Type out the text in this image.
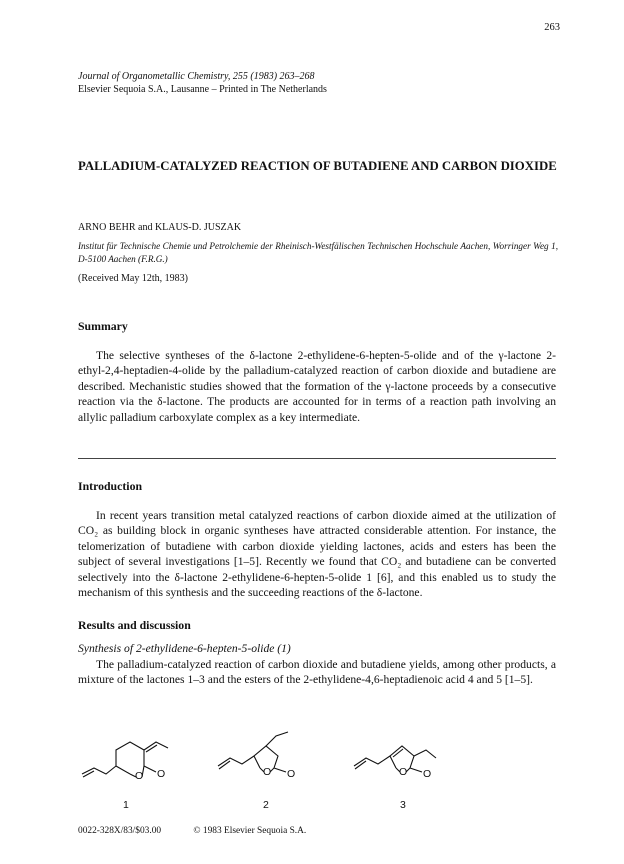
263
Journal of Organometallic Chemistry, 255 (1983) 263–268
Elsevier Sequoia S.A., Lausanne – Printed in The Netherlands
PALLADIUM-CATALYZED REACTION OF BUTADIENE AND CARBON DIOXIDE
ARNO BEHR and KLAUS-D. JUSZAK
Institut für Technische Chemie und Petrolchemie der Rheinisch-Westfälischen Technischen Hochschule Aachen, Worringer Weg 1, D-5100 Aachen (F.R.G.)
(Received May 12th, 1983)
Summary

The selective syntheses of the δ-lactone 2-ethylidene-6-hepten-5-olide and of the γ-lactone 2-ethyl-2,4-heptadien-4-olide by the palladium-catalyzed reaction of carbon dioxide and butadiene are described. Mechanistic studies showed that the formation of the γ-lactone proceeds by a consecutive reaction via the δ-lactone. The products are accounted for in terms of a reaction path involving an allylic palladium carboxylate complex as a key intermediate.

Introduction

In recent years transition metal catalyzed reactions of carbon dioxide aimed at the utilization of CO₂ as building block in organic syntheses have attracted considerable attention. For instance, the telomerization of butadiene with carbon dioxide yielding lactones, acids and esters has been the subject of several investigations [1–5]. Recently we found that CO₂ and butadiene can be converted selectively into the δ-lactone 2-ethylidene-6-hepten-5-olide 1 [6], and this enabled us to study the mechanism of this synthesis and the succeeding reactions of the δ-lactone.

Results and discussion
Synthesis of 2-ethylidene-6-hepten-5-olide (1)

The palladium-catalyzed reaction of carbon dioxide and butadiene yields, among other products, a mixture of the lactones 1–3 and the esters of the 2-ethylidene-4,6-heptadienoic acid 4 and 5 [1–5].

O O	O O	O O
1	2	3
0022-328X/83/$03.00	© 1983 Elsevier Sequoia S.A.
